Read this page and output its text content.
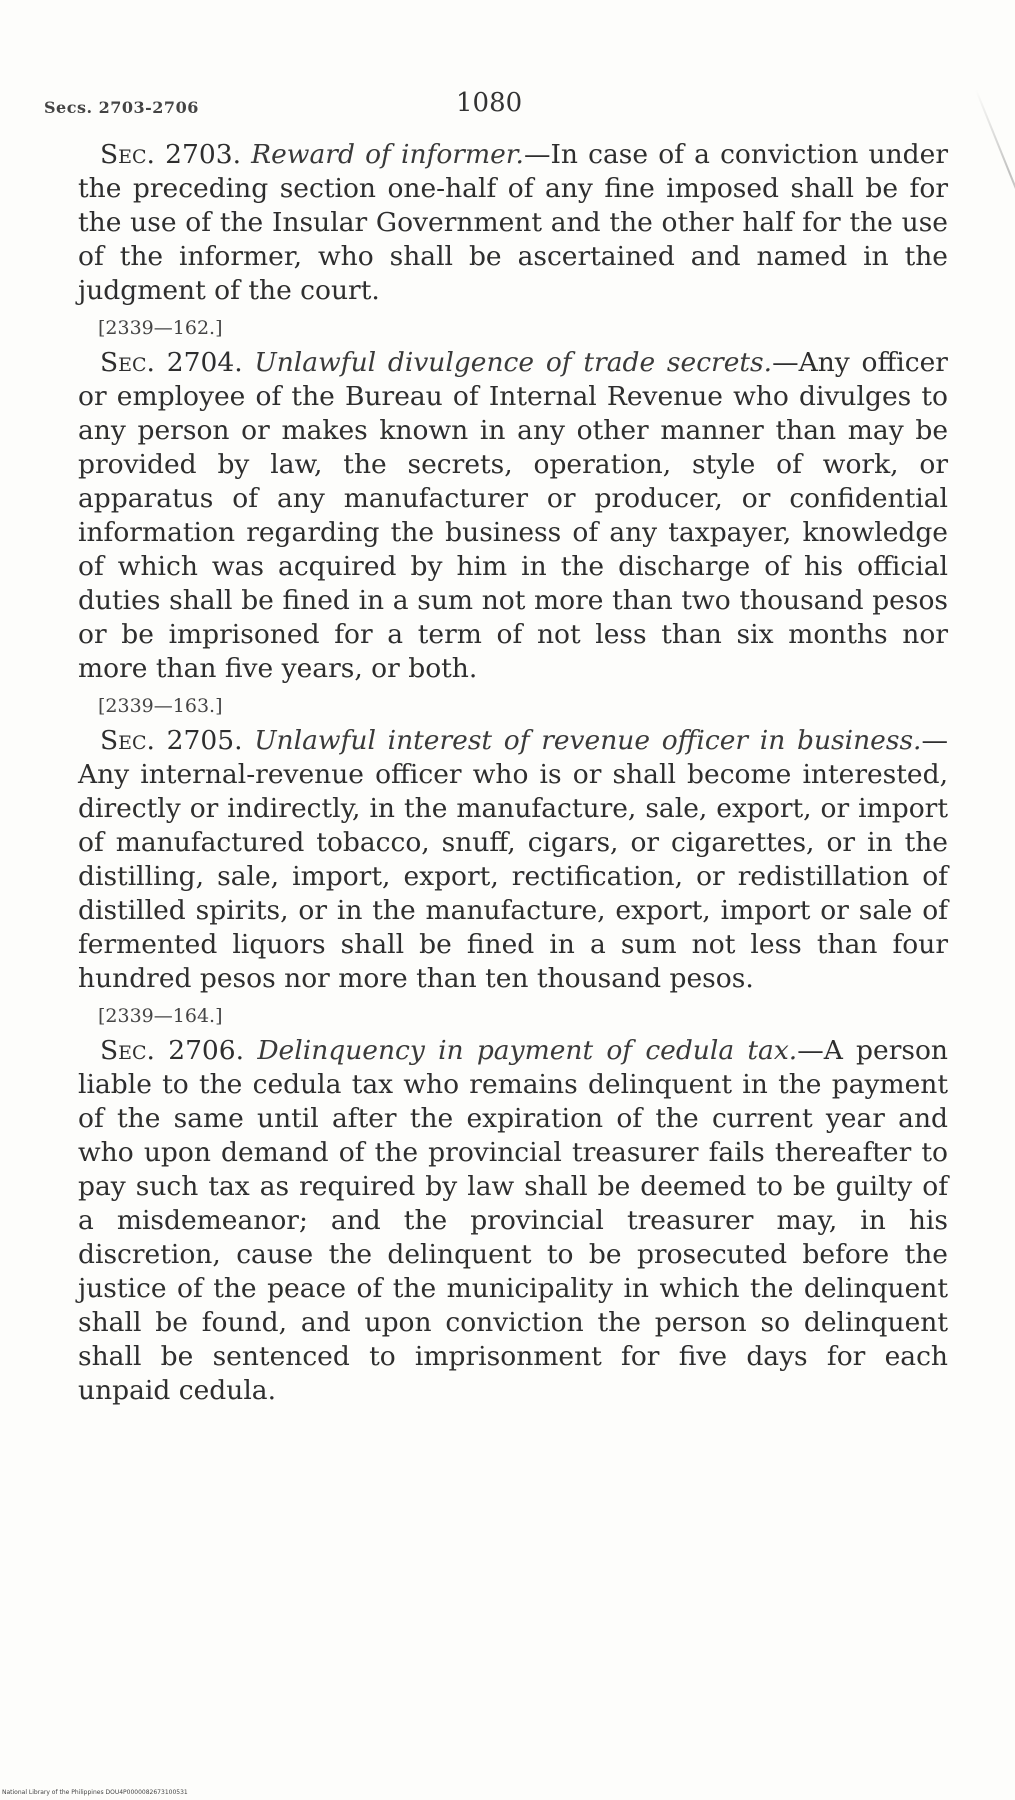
Secs. 2703-2706	1080

Sec. 2703. Reward of informer.—In case of a conviction under the preceding section one-half of any fine imposed shall be for the use of the Insular Government and the other half for the use of the informer, who shall be ascertained and named in the judgment of the court.

[2339—162.]

Sec. 2704. Unlawful divulgence of trade secrets.—Any officer or employee of the Bureau of Internal Revenue who divulges to any person or makes known in any other manner than may be provided by law, the secrets, operation, style of work, or apparatus of any manufacturer or producer, or confidential information regarding the business of any taxpayer, knowledge of which was acquired by him in the discharge of his official duties shall be fined in a sum not more than two thousand pesos or be imprisoned for a term of not less than six months nor more than five years, or both.

[2339—163.]

Sec. 2705. Unlawful interest of revenue officer in business.—Any internal-revenue officer who is or shall become interested, directly or indirectly, in the manufacture, sale, export, or import of manufactured tobacco, snuff, cigars, or cigarettes, or in the distilling, sale, import, export, rectification, or redistillation of distilled spirits, or in the manufacture, export, import or sale of fermented liquors shall be fined in a sum not less than four hundred pesos nor more than ten thousand pesos.

[2339—164.]

Sec. 2706. Delinquency in payment of cedula tax.—A person liable to the cedula tax who remains delinquent in the payment of the same until after the expiration of the current year and who upon demand of the provincial treasurer fails thereafter to pay such tax as required by law shall be deemed to be guilty of a misdemeanor; and the provincial treasurer may, in his discretion, cause the delinquent to be prosecuted before the justice of the peace of the municipality in which the delinquent shall be found, and upon conviction the person so delinquent shall be sentenced to imprisonment for five days for each unpaid cedula.

National Library of the Philippines DOU4P0000082673100531
